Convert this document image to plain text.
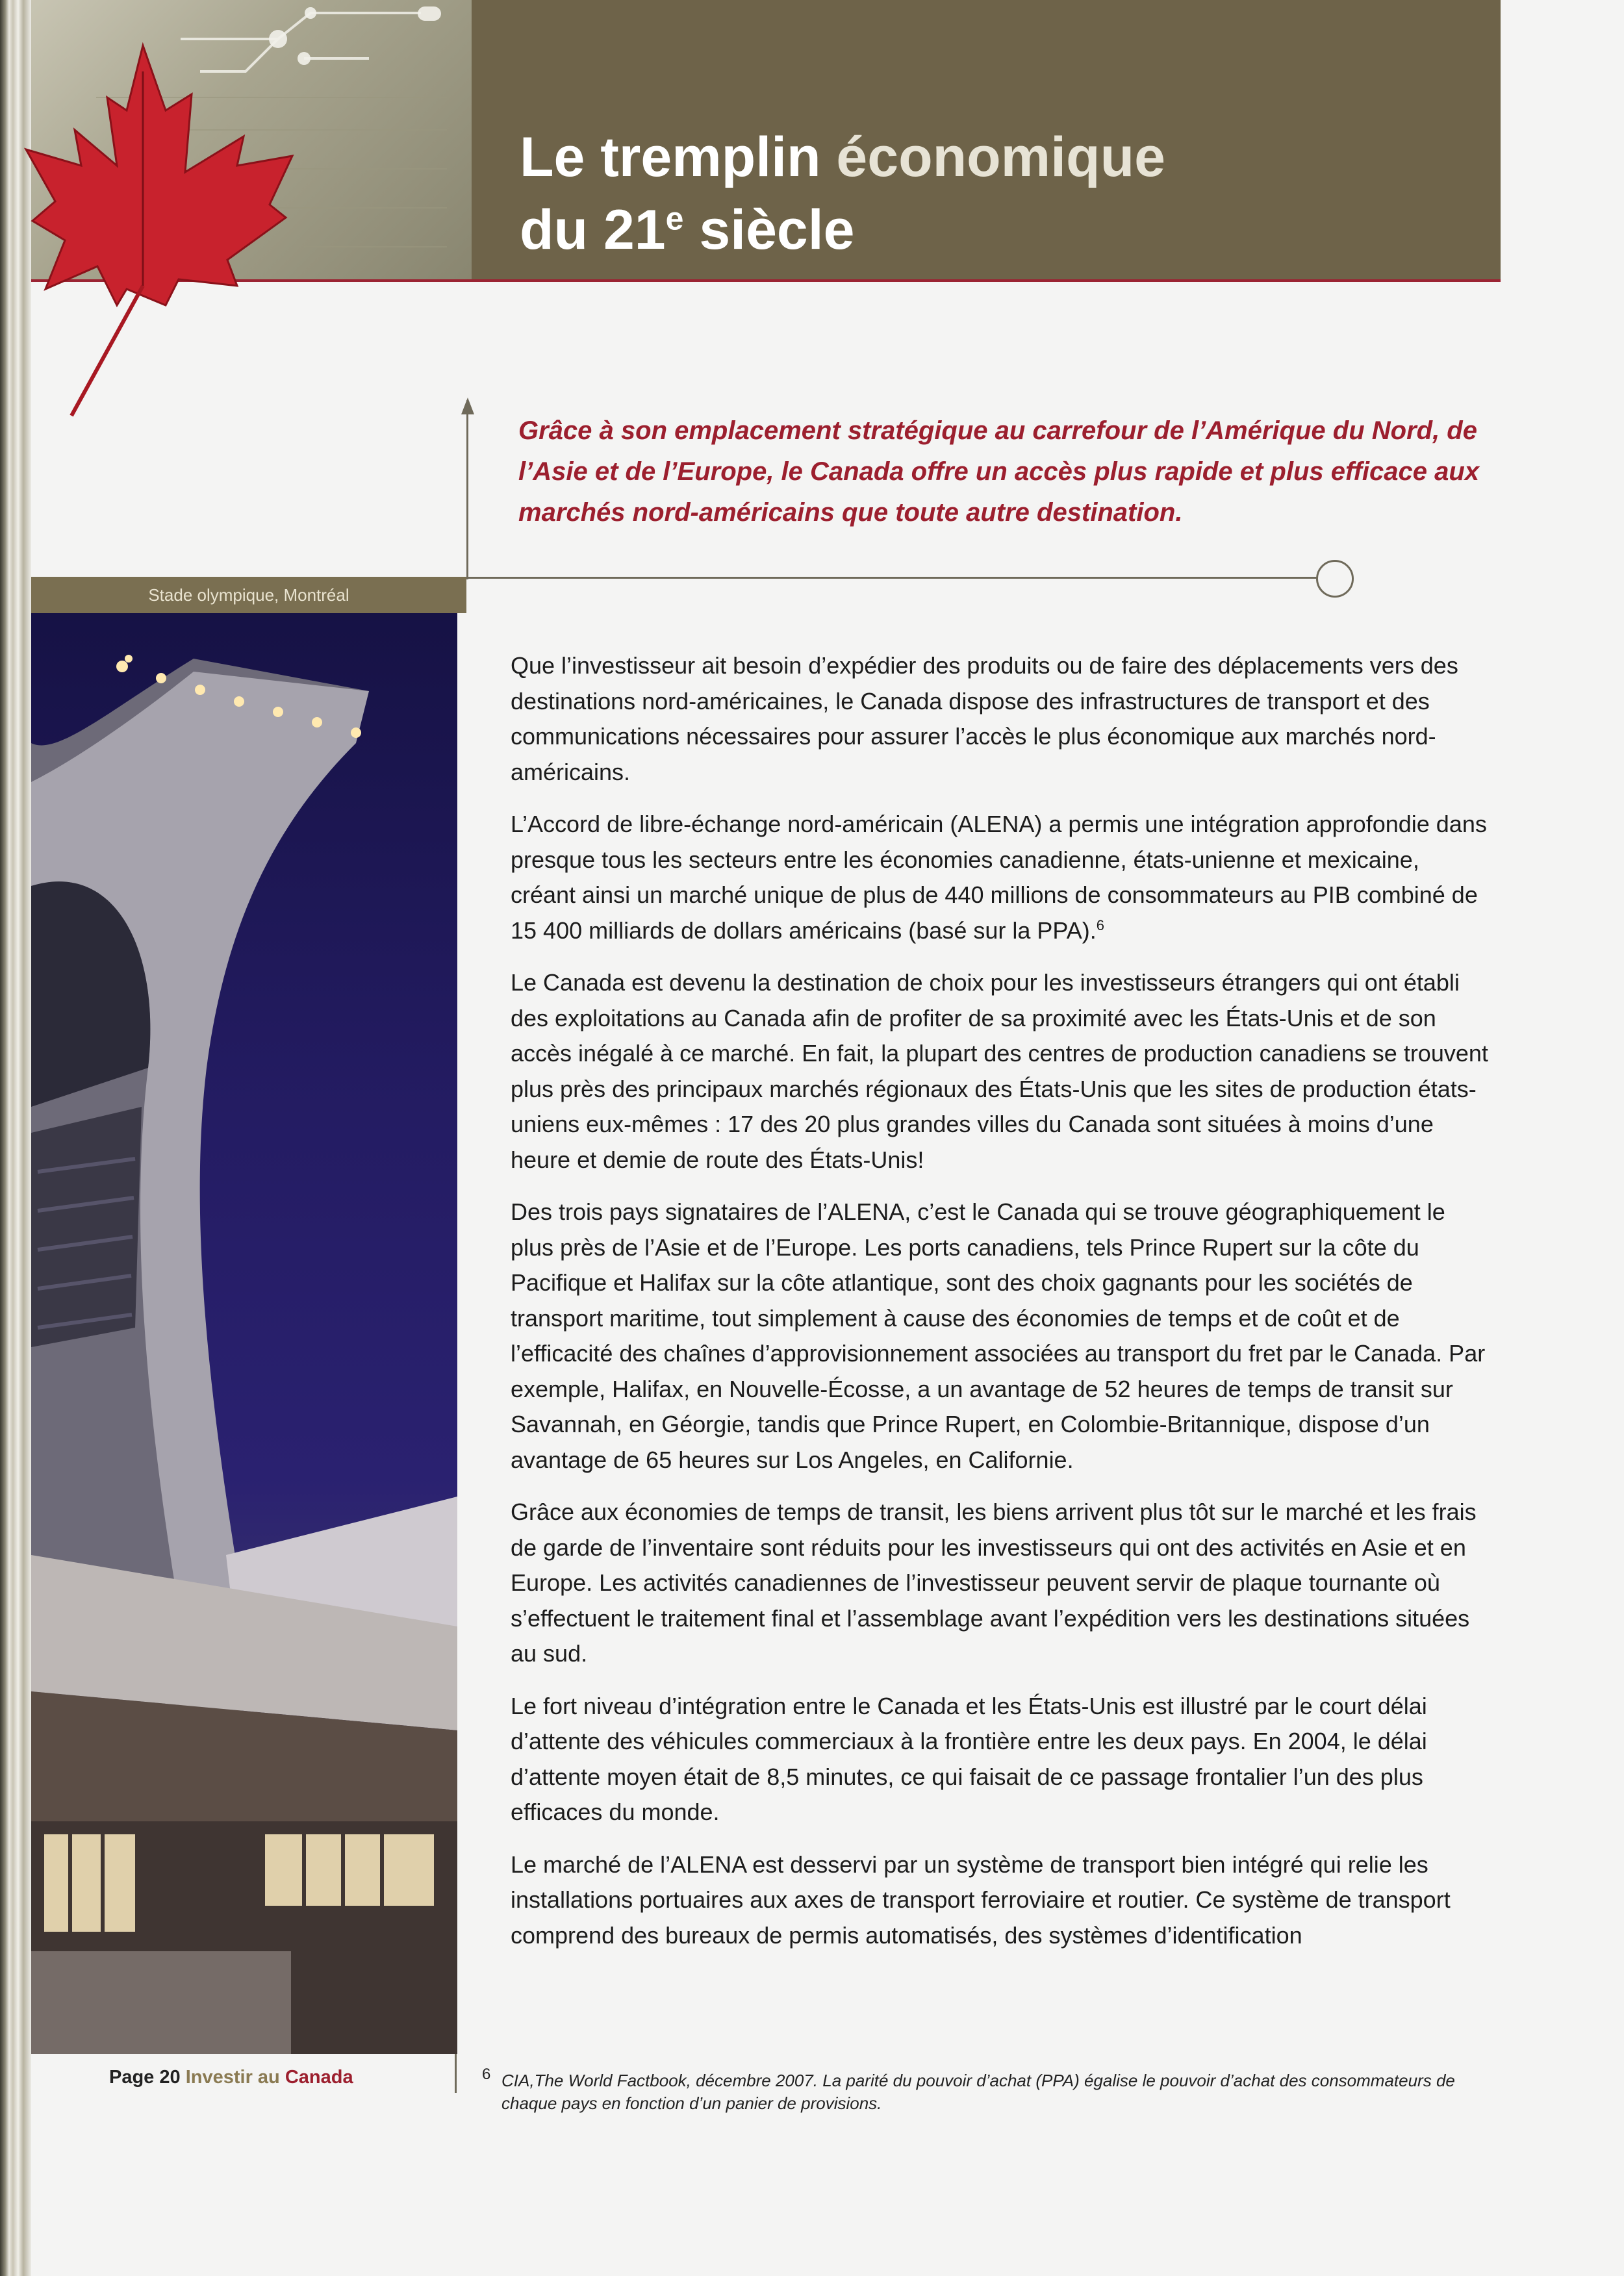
Le tremplin économique
du 21e siècle

Grâce à son emplacement stratégique au carrefour de l’Amérique du Nord, de l’Asie et de l’Europe, le Canada offre un accès plus rapide et plus efficace aux marchés nord-américains que toute autre destination.

Stade olympique, Montréal

Que l’investisseur ait besoin d’expédier des produits ou de faire des déplacements vers des destinations nord-américaines, le Canada dispose des infrastructures de transport et des communications nécessaires pour assurer l’accès le plus économique aux marchés nord-américains.

L’Accord de libre-échange nord-américain (ALENA) a permis une intégration approfondie dans presque tous les secteurs entre les économies canadienne, états-unienne et mexicaine, créant ainsi un marché unique de plus de 440 millions de consommateurs au PIB combiné de 15 400 milliards de dollars américains (basé sur la PPA).$^6$

Le Canada est devenu la destination de choix pour les investisseurs étrangers qui ont établi des exploitations au Canada afin de profiter de sa proximité avec les États-Unis et de son accès inégalé à ce marché. En fait, la plupart des centres de production canadiens se trouvent plus près des principaux marchés régionaux des États-Unis que les sites de production états-uniens eux-mêmes : 17 des 20 plus grandes villes du Canada sont situées à moins d’une heure et demie de route des États-Unis!

Des trois pays signataires de l’ALENA, c’est le Canada qui se trouve géographiquement le plus près de l’Asie et de l’Europe. Les ports canadiens, tels Prince Rupert sur la côte du Pacifique et Halifax sur la côte atlantique, sont des choix gagnants pour les sociétés de transport maritime, tout simplement à cause des économies de temps et de coût et de l’efficacité des chaînes d’approvisionnement associées au transport du fret par le Canada. Par exemple, Halifax, en Nouvelle-Écosse, a un avantage de 52 heures de temps de transit sur Savannah, en Géorgie, tandis que Prince Rupert, en Colombie-Britannique, dispose d’un avantage de 65 heures sur Los Angeles, en Californie.

Grâce aux économies de temps de transit, les biens arrivent plus tôt sur le marché et les frais de garde de l’inventaire sont réduits pour les investisseurs qui ont des activités en Asie et en Europe. Les activités canadiennes de l’investisseur peuvent servir de plaque tournante où s’effectuent le traitement final et l’assemblage avant l’expédition vers les destinations situées au sud.

Le fort niveau d’intégration entre le Canada et les États-Unis est illustré par le court délai d’attente des véhicules commerciaux à la frontière entre les deux pays. En 2004, le délai d’attente moyen était de 8,5 minutes, ce qui faisait de ce passage frontalier l’un des plus efficaces du monde.

Le marché de l’ALENA est desservi par un système de transport bien intégré qui relie les installations portuaires aux axes de transport ferroviaire et routier. Ce système de transport comprend des bureaux de permis automatisés, des systèmes d’identification

Page 20 Investir au Canada	6 CIA,The World Factbook, décembre 2007. La parité du pouvoir d’achat (PPA) égalise le pouvoir d’achat des consommateurs de chaque pays en fonction d’un panier de provisions.
